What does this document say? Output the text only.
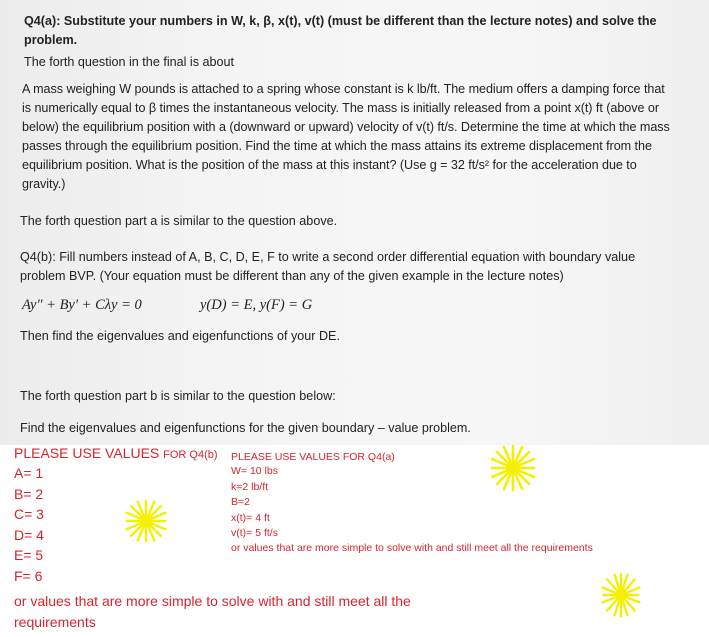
Q4(a): Substitute your numbers in W, k, β, x(t), v(t) (must be different than the lecture notes) and solve the problem.
The forth question in the final is about
A mass weighing W pounds is attached to a spring whose constant is k lb/ft. The medium offers a damping force that is numerically equal to β times the instantaneous velocity. The mass is initially released from a point x(t) ft (above or below) the equilibrium position with a (downward or upward) velocity of v(t) ft/s. Determine the time at which the mass passes through the equilibrium position. Find the time at which the mass attains its extreme displacement from the equilibrium position. What is the position of the mass at this instant? (Use g = 32 ft/s² for the acceleration due to gravity.)
The forth question part a is similar to the question above.
Q4(b): Fill numbers instead of A, B, C, D, E, F to write a second order differential equation with boundary value problem BVP. (Your equation must be different than any of the given example in the lecture notes)
Ay″ + By′ + Cλy = 0	y(D) = E, y(F) = G
Then find the eigenvalues and eigenfunctions of your DE.
The forth question part b is similar to the question below:
Find the eigenvalues and eigenfunctions for the given boundary – value problem.
PLEASE USE VALUES FOR Q4(b)
A= 1
B= 2
C= 3
D= 4
E= 5
F= 6
or values that are more simple to solve with and still meet all the requirements
PLEASE USE VALUES FOR Q4(a)
W= 10 lbs
k=2 lb/ft
B=2
x(t)= 4 ft
v(t)= 5 ft/s
or values that are more simple to solve with and still meet all the requirements
